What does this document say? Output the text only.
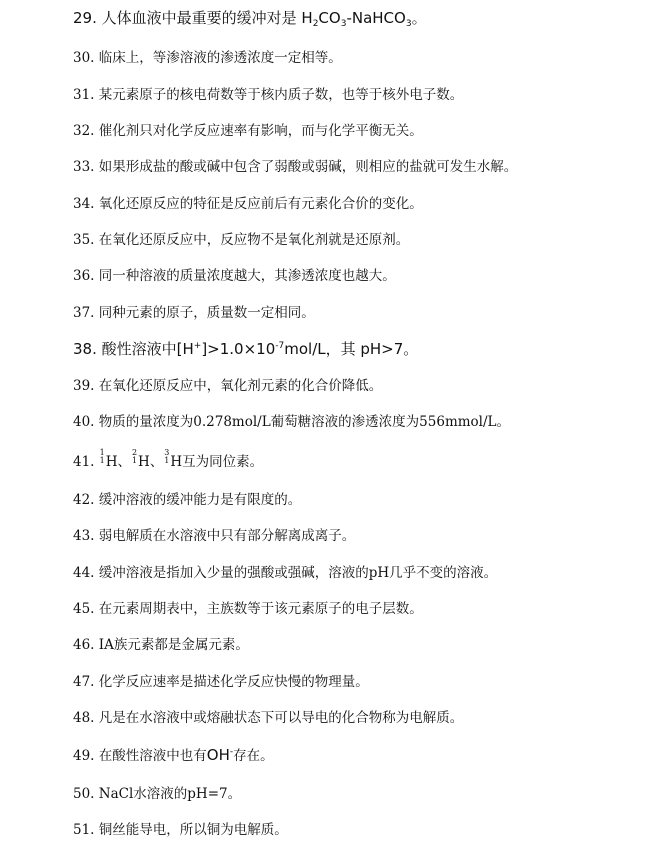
29. 人体血液中最重要的缓冲对是 $H_2CO_3-NaHCO_3$。
30. 临床上，等渗溶液的渗透浓度一定相等。
31. 某元素原子的核电荷数等于核内质子数，也等于核外电子数。
32. 催化剂只对化学反应速率有影响，而与化学平衡无关。
33. 如果形成盐的酸或碱中包含了弱酸或弱碱，则相应的盐就可发生水解。
34. 氧化还原反应的特征是反应前后有元素化合价的变化。
35. 在氧化还原反应中，反应物不是氧化剂就是还原剂。
36. 同一种溶液的质量浓度越大，其渗透浓度也越大。
37. 同种元素的原子，质量数一定相同。
38. 酸性溶液中$[H^+]>1.0\times 10^{-7}mol/L$，其 pH>7。
39. 在氧化还原反应中，氧化剂元素的化合价降低。
40. 物质的量浓度为0.278mol/L葡萄糖溶液的渗透浓度为556mmol/L。
41.
1
1 H、
2
1 H、
3
1 H互为同位素。
42. 缓冲溶液的缓冲能力是有限度的。
43. 弱电解质在水溶液中只有部分解离成离子。
44. 缓冲溶液是指加入少量的强酸或强碱，溶液的pH几乎不变的溶液。
45. 在元素周期表中，主族数等于该元素原子的电子层数。
46. ⅠA族元素都是金属元素。
47. 化学反应速率是描述化学反应快慢的物理量。
48. 凡是在水溶液中或熔融状态下可以导电的化合物称为电解质。
49. 在酸性溶液中也有OH-存在。
50. NaCl水溶液的pH=7。
51. 铜丝能导电，所以铜为电解质。
